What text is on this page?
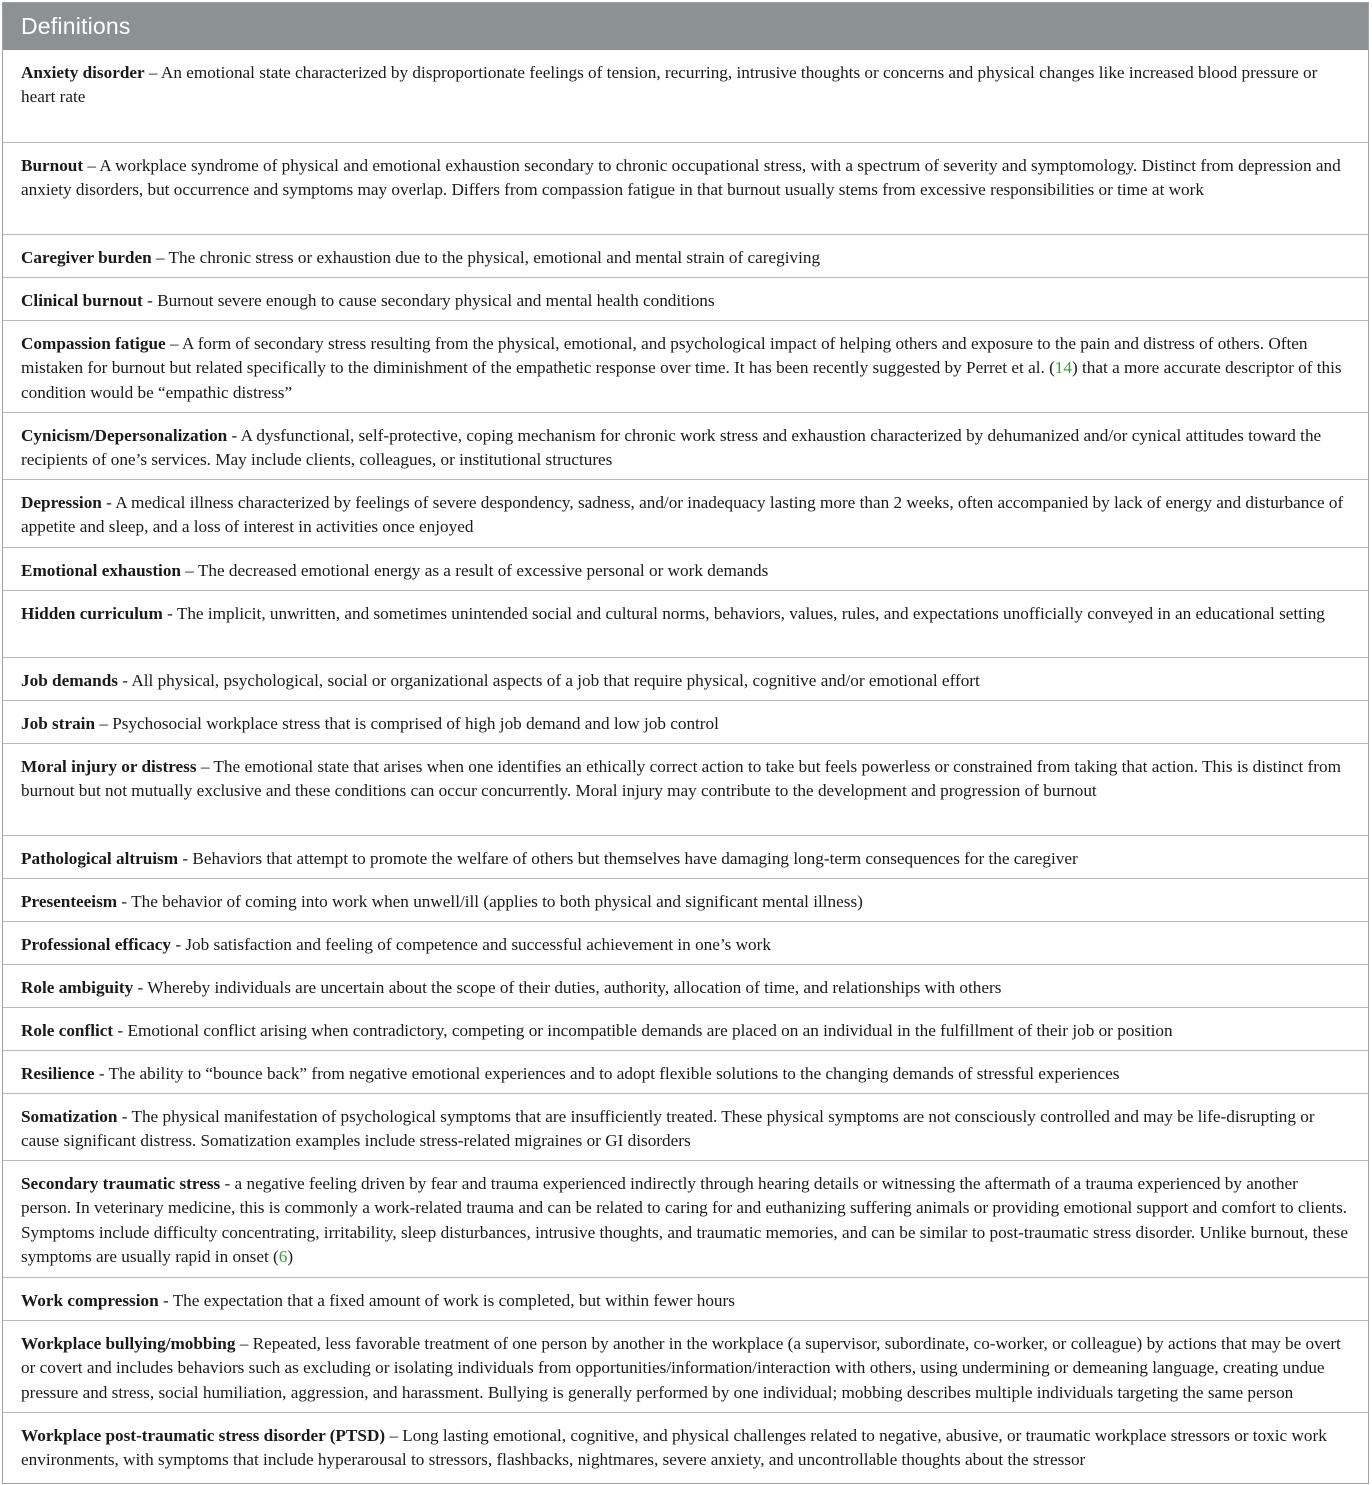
Definitions
Anxiety disorder – An emotional state characterized by disproportionate feelings of tension, recurring, intrusive thoughts or concerns and physical changes like increased blood pressure or heart rate
Burnout – A workplace syndrome of physical and emotional exhaustion secondary to chronic occupational stress, with a spectrum of severity and symptomology. Distinct from depression and anxiety disorders, but occurrence and symptoms may overlap. Differs from compassion fatigue in that burnout usually stems from excessive responsibilities or time at work
Caregiver burden – The chronic stress or exhaustion due to the physical, emotional and mental strain of caregiving
Clinical burnout - Burnout severe enough to cause secondary physical and mental health conditions
Compassion fatigue – A form of secondary stress resulting from the physical, emotional, and psychological impact of helping others and exposure to the pain and distress of others. Often mistaken for burnout but related specifically to the diminishment of the empathetic response over time. It has been recently suggested by Perret et al. (14) that a more accurate descriptor of this condition would be “empathic distress”
Cynicism/Depersonalization - A dysfunctional, self-protective, coping mechanism for chronic work stress and exhaustion characterized by dehumanized and/or cynical attitudes toward the recipients of one’s services. May include clients, colleagues, or institutional structures
Depression - A medical illness characterized by feelings of severe despondency, sadness, and/or inadequacy lasting more than 2 weeks, often accompanied by lack of energy and disturbance of appetite and sleep, and a loss of interest in activities once enjoyed
Emotional exhaustion – The decreased emotional energy as a result of excessive personal or work demands
Hidden curriculum - The implicit, unwritten, and sometimes unintended social and cultural norms, behaviors, values, rules, and expectations unofficially conveyed in an educational setting
Job demands - All physical, psychological, social or organizational aspects of a job that require physical, cognitive and/or emotional effort
Job strain – Psychosocial workplace stress that is comprised of high job demand and low job control
Moral injury or distress – The emotional state that arises when one identifies an ethically correct action to take but feels powerless or constrained from taking that action. This is distinct from burnout but not mutually exclusive and these conditions can occur concurrently. Moral injury may contribute to the development and progression of burnout
Pathological altruism - Behaviors that attempt to promote the welfare of others but themselves have damaging long-term consequences for the caregiver
Presenteeism - The behavior of coming into work when unwell/ill (applies to both physical and significant mental illness)
Professional efficacy - Job satisfaction and feeling of competence and successful achievement in one’s work
Role ambiguity - Whereby individuals are uncertain about the scope of their duties, authority, allocation of time, and relationships with others
Role conflict - Emotional conflict arising when contradictory, competing or incompatible demands are placed on an individual in the fulfillment of their job or position
Resilience - The ability to “bounce back” from negative emotional experiences and to adopt flexible solutions to the changing demands of stressful experiences
Somatization - The physical manifestation of psychological symptoms that are insufficiently treated. These physical symptoms are not consciously controlled and may be life-disrupting or cause significant distress. Somatization examples include stress-related migraines or GI disorders
Secondary traumatic stress - a negative feeling driven by fear and trauma experienced indirectly through hearing details or witnessing the aftermath of a trauma experienced by another person. In veterinary medicine, this is commonly a work-related trauma and can be related to caring for and euthanizing suffering animals or providing emotional support and comfort to clients. Symptoms include difficulty concentrating, irritability, sleep disturbances, intrusive thoughts, and traumatic memories, and can be similar to post-traumatic stress disorder. Unlike burnout, these symptoms are usually rapid in onset (6)
Work compression - The expectation that a fixed amount of work is completed, but within fewer hours
Workplace bullying/mobbing – Repeated, less favorable treatment of one person by another in the workplace (a supervisor, subordinate, co-worker, or colleague) by actions that may be overt or covert and includes behaviors such as excluding or isolating individuals from opportunities/information/interaction with others, using undermining or demeaning language, creating undue pressure and stress, social humiliation, aggression, and harassment. Bullying is generally performed by one individual; mobbing describes multiple individuals targeting the same person
Workplace post-traumatic stress disorder (PTSD) – Long lasting emotional, cognitive, and physical challenges related to negative, abusive, or traumatic workplace stressors or toxic work environments, with symptoms that include hyperarousal to stressors, flashbacks, nightmares, severe anxiety, and uncontrollable thoughts about the stressor
